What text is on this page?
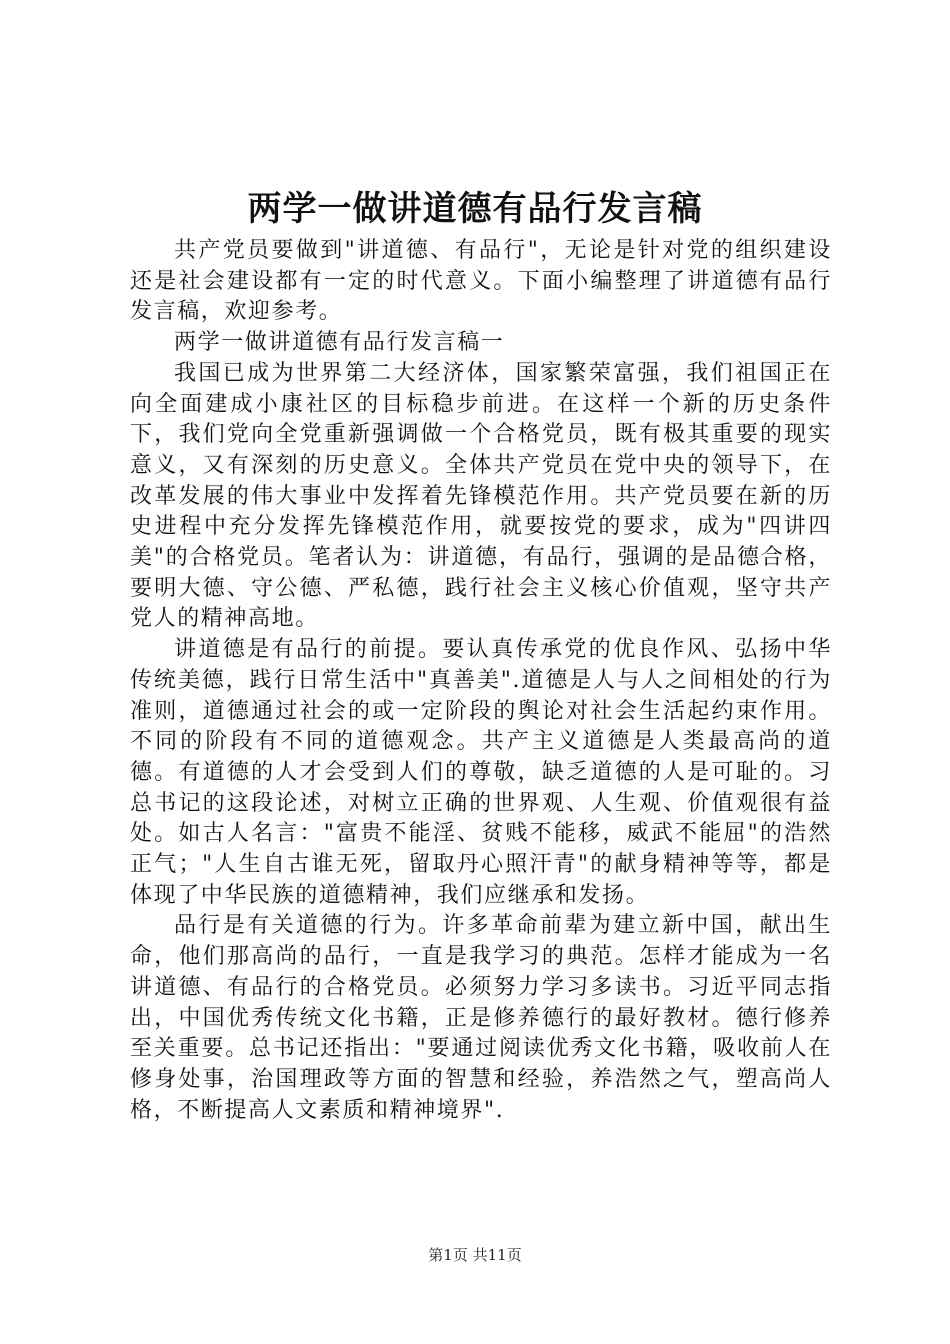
两学一做讲道德有品行发言稿

共产党员要做到"讲道德、有品行"，无论是针对党的组织建设还是社会建设都有一定的时代意义。下面小编整理了讲道德有品行发言稿，欢迎参考。

两学一做讲道德有品行发言稿一

我国已成为世界第二大经济体，国家繁荣富强，我们祖国正在向全面建成小康社区的目标稳步前进。在这样一个新的历史条件下，我们党向全党重新强调做一个合格党员，既有极其重要的现实意义，又有深刻的历史意义。全体共产党员在党中央的领导下，在改革发展的伟大事业中发挥着先锋模范作用。共产党员要在新的历史进程中充分发挥先锋模范作用，就要按党的要求，成为"四讲四美"的合格党员。笔者认为：讲道德，有品行，强调的是品德合格，要明大德、守公德、严私德，践行社会主义核心价值观，坚守共产党人的精神高地。

讲道德是有品行的前提。要认真传承党的优良作风、弘扬中华传统美德，践行日常生活中"真善美".道德是人与人之间相处的行为准则，道德通过社会的或一定阶段的舆论对社会生活起约束作用。不同的阶段有不同的道德观念。共产主义道德是人类最高尚的道德。有道德的人才会受到人们的尊敬，缺乏道德的人是可耻的。习总书记的这段论述，对树立正确的世界观、人生观、价值观很有益处。如古人名言："富贵不能淫、贫贱不能移，威武不能屈"的浩然正气；"人生自古谁无死，留取丹心照汗青"的献身精神等等，都是体现了中华民族的道德精神，我们应继承和发扬。

品行是有关道德的行为。许多革命前辈为建立新中国，献出生命，他们那高尚的品行，一直是我学习的典范。怎样才能成为一名讲道德、有品行的合格党员。必须努力学习多读书。习近平同志指出，中国优秀传统文化书籍，正是修养德行的最好教材。德行修养至关重要。总书记还指出："要通过阅读优秀文化书籍，吸收前人在修身处事，治国理政等方面的智慧和经验，养浩然之气，塑高尚人格，不断提高人文素质和精神境界".

第1页 共11页
